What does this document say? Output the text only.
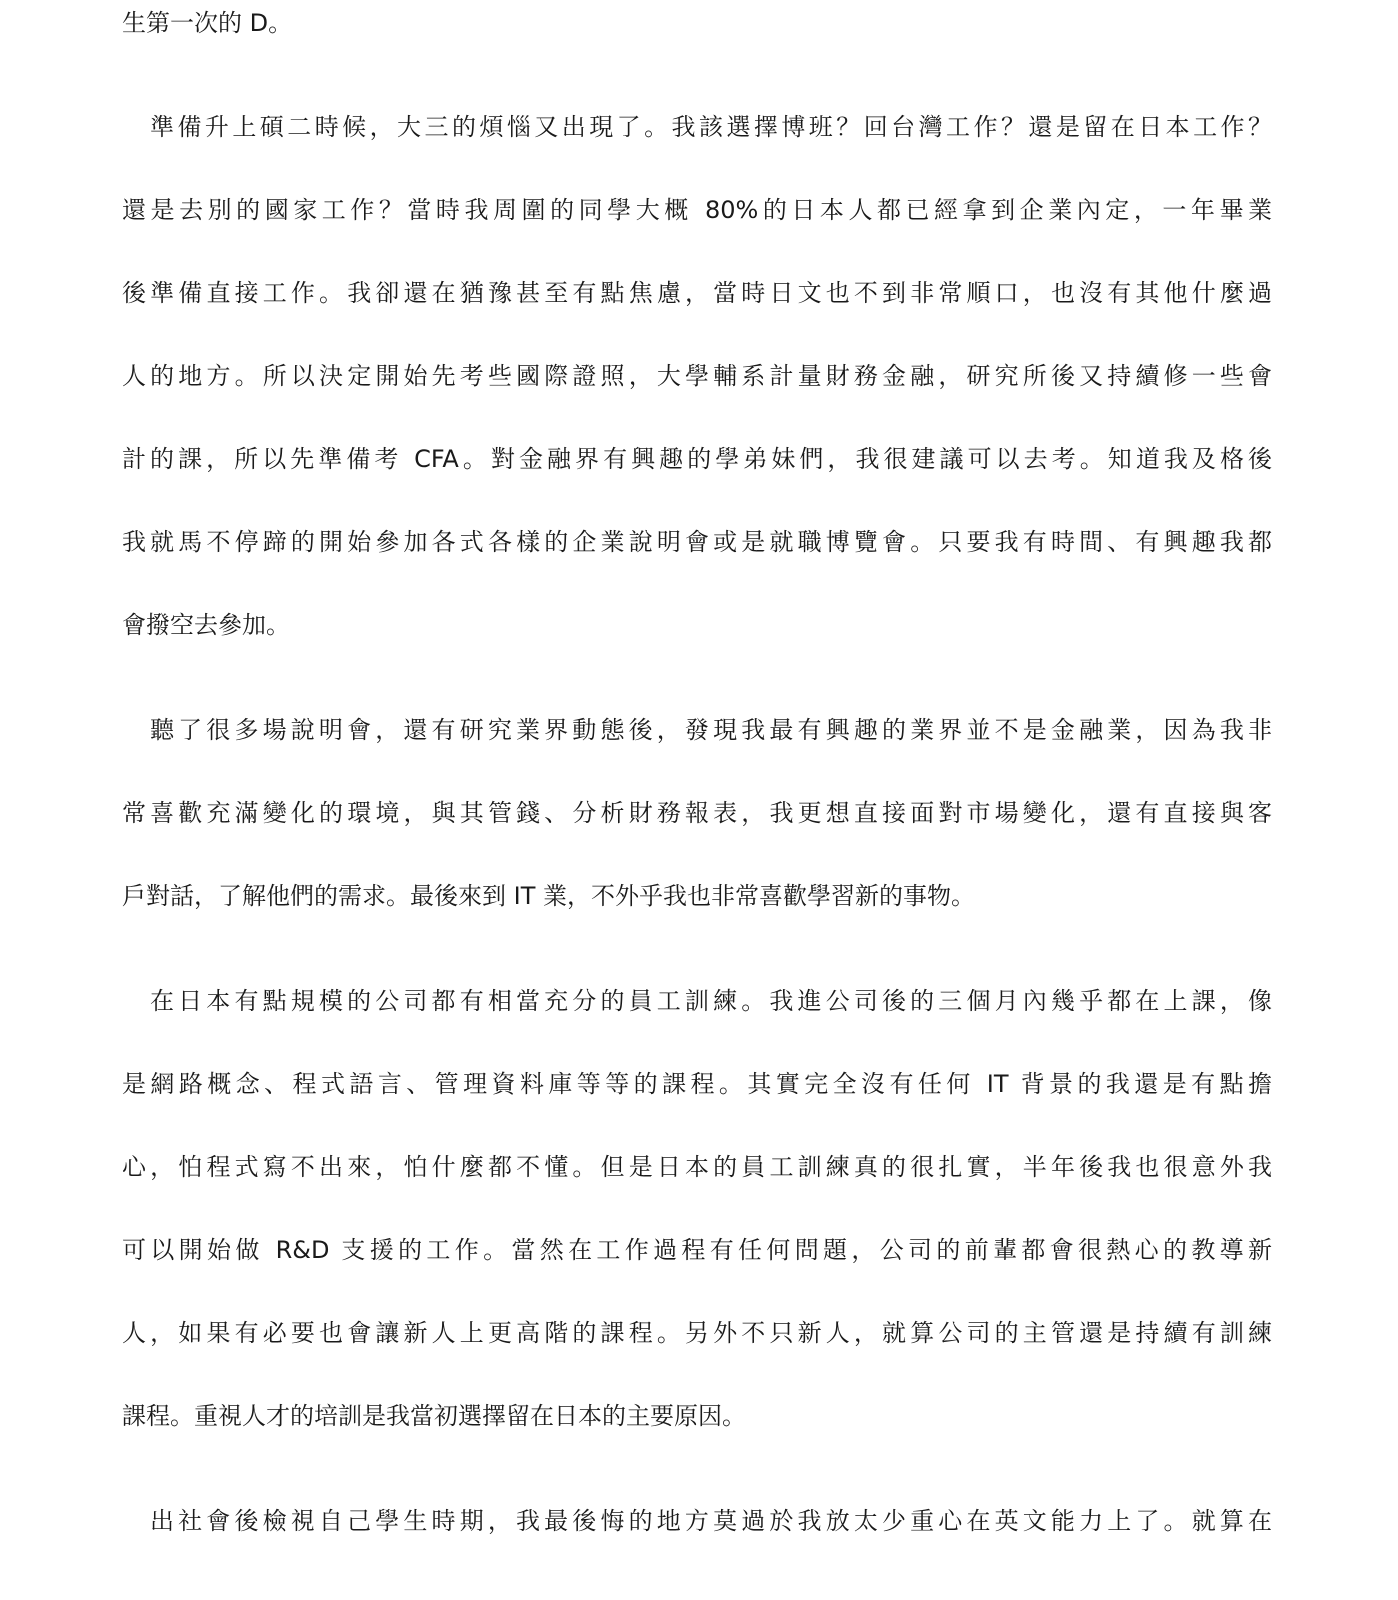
生第一次的 D。

準備升上碩二時候，大三的煩惱又出現了。我該選擇博班？回台灣工作？還是留在日本工作？

還是去別的國家工作？當時我周圍的同學大概 80%的日本人都已經拿到企業內定，一年畢業

後準備直接工作。我卻還在猶豫甚至有點焦慮，當時日文也不到非常順口，也沒有其他什麼過

人的地方。所以決定開始先考些國際證照，大學輔系計量財務金融，研究所後又持續修一些會

計的課，所以先準備考 CFA。對金融界有興趣的學弟妹們，我很建議可以去考。知道我及格後

我就馬不停蹄的開始參加各式各樣的企業說明會或是就職博覽會。只要我有時間、有興趣我都

會撥空去參加。

聽了很多場說明會，還有研究業界動態後，發現我最有興趣的業界並不是金融業，因為我非

常喜歡充滿變化的環境，與其管錢、分析財務報表，我更想直接面對市場變化，還有直接與客

戶對話，了解他們的需求。最後來到 IT 業，不外乎我也非常喜歡學習新的事物。

在日本有點規模的公司都有相當充分的員工訓練。我進公司後的三個月內幾乎都在上課，像

是網路概念、程式語言、管理資料庫等等的課程。其實完全沒有任何 IT 背景的我還是有點擔

心，怕程式寫不出來，怕什麼都不懂。但是日本的員工訓練真的很扎實，半年後我也很意外我

可以開始做 R&D 支援的工作。當然在工作過程有任何問題，公司的前輩都會很熱心的教導新

人，如果有必要也會讓新人上更高階的課程。另外不只新人，就算公司的主管還是持續有訓練

課程。重視人才的培訓是我當初選擇留在日本的主要原因。

出社會後檢視自己學生時期，我最後悔的地方莫過於我放太少重心在英文能力上了。就算在
